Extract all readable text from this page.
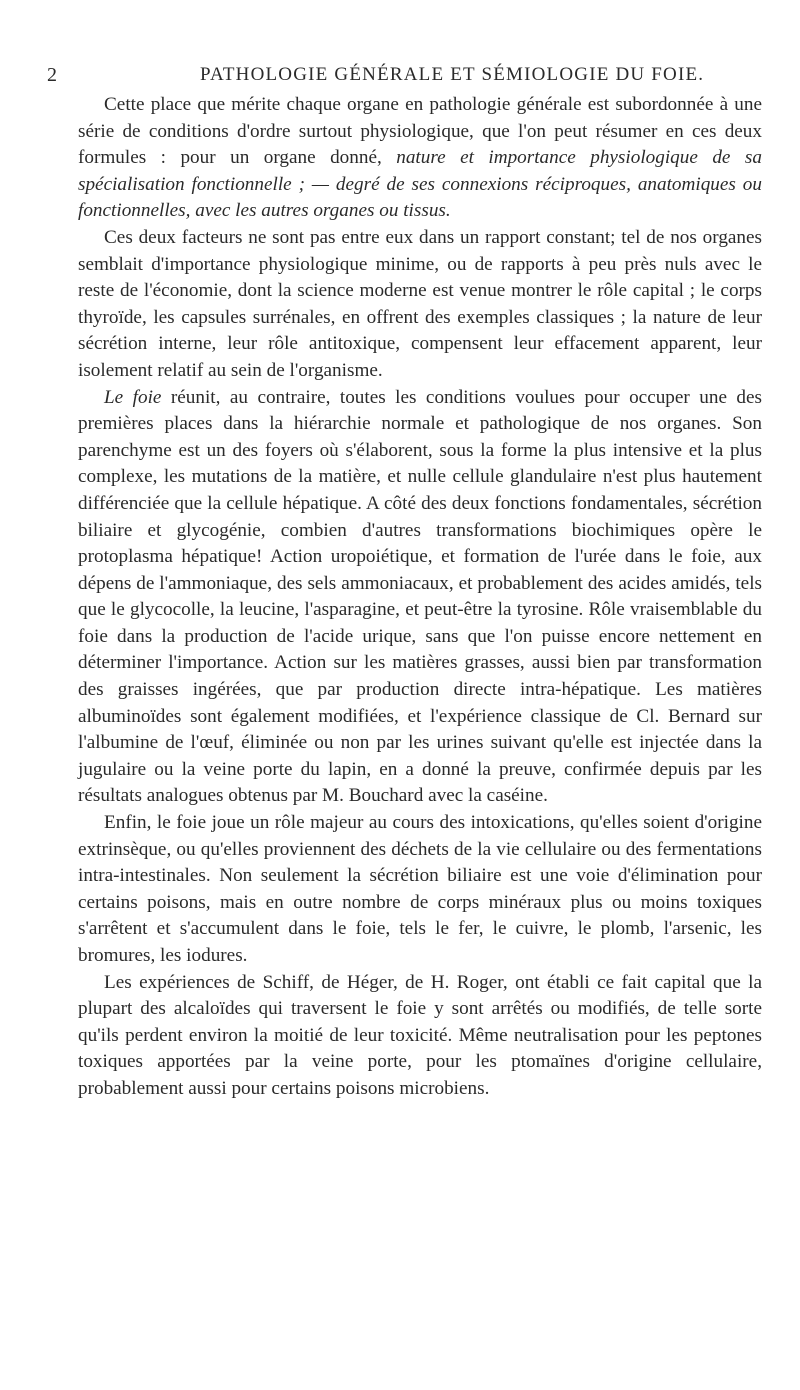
2	PATHOLOGIE GÉNÉRALE ET SÉMIOLOGIE DU FOIE.

Cette place que mérite chaque organe en pathologie générale est subordonnée à une série de conditions d'ordre surtout physiologique, que l'on peut résumer en ces deux formules : pour un organe donné, nature et importance physiologique de sa spécialisation fonctionnelle ; — degré de ses connexions réciproques, anatomiques ou fonctionnelles, avec les autres organes ou tissus.

Ces deux facteurs ne sont pas entre eux dans un rapport constant; tel de nos organes semblait d'importance physiologique minime, ou de rapports à peu près nuls avec le reste de l'économie, dont la science moderne est venue montrer le rôle capital ; le corps thyroïde, les capsules surrénales, en offrent des exemples classiques ; la nature de leur sécrétion interne, leur rôle antitoxique, compensent leur effacement apparent, leur isolement relatif au sein de l'organisme.

Le foie réunit, au contraire, toutes les conditions voulues pour occuper une des premières places dans la hiérarchie normale et pathologique de nos organes. Son parenchyme est un des foyers où s'élaborent, sous la forme la plus intensive et la plus complexe, les mutations de la matière, et nulle cellule glandulaire n'est plus hautement différenciée que la cellule hépatique. A côté des deux fonctions fondamentales, sécrétion biliaire et glycogénie, combien d'autres transformations biochimiques opère le protoplasma hépatique! Action uropoiétique, et formation de l'urée dans le foie, aux dépens de l'ammoniaque, des sels ammoniacaux, et probablement des acides amidés, tels que le glycocolle, la leucine, l'asparagine, et peut-être la tyrosine. Rôle vraisemblable du foie dans la production de l'acide urique, sans que l'on puisse encore nettement en déterminer l'importance. Action sur les matières grasses, aussi bien par transformation des graisses ingérées, que par production directe intra-hépatique. Les matières albuminoïdes sont également modifiées, et l'expérience classique de Cl. Bernard sur l'albumine de l'œuf, éliminée ou non par les urines suivant qu'elle est injectée dans la jugulaire ou la veine porte du lapin, en a donné la preuve, confirmée depuis par les résultats analogues obtenus par M. Bouchard avec la caséine.

Enfin, le foie joue un rôle majeur au cours des intoxications, qu'elles soient d'origine extrinsèque, ou qu'elles proviennent des déchets de la vie cellulaire ou des fermentations intra-intestinales. Non seulement la sécrétion biliaire est une voie d'élimination pour certains poisons, mais en outre nombre de corps minéraux plus ou moins toxiques s'arrêtent et s'accumulent dans le foie, tels le fer, le cuivre, le plomb, l'arsenic, les bromures, les iodures.

Les expériences de Schiff, de Héger, de H. Roger, ont établi ce fait capital que la plupart des alcaloïdes qui traversent le foie y sont arrêtés ou modifiés, de telle sorte qu'ils perdent environ la moitié de leur toxicité. Même neutralisation pour les peptones toxiques apportées par la veine porte, pour les ptomaïnes d'origine cellulaire, probablement aussi pour certains poisons microbiens.
